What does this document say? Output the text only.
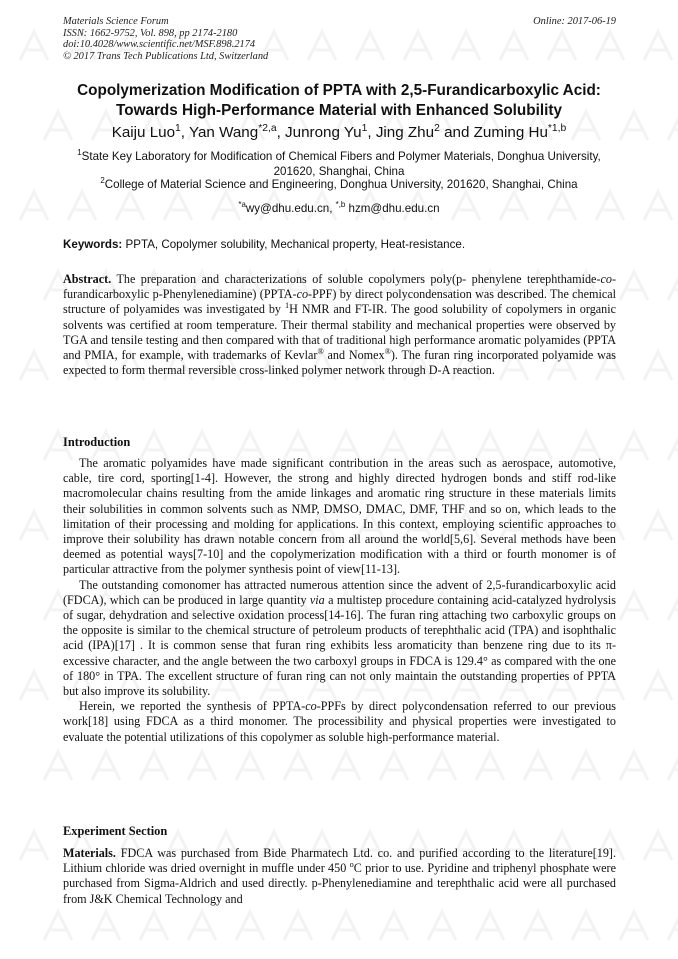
Materials Science Forum
ISSN: 1662-9752, Vol. 898, pp 2174-2180
doi:10.4028/www.scientific.net/MSF.898.2174
© 2017 Trans Tech Publications Ltd, Switzerland
Online: 2017-06-19
Copolymerization Modification of PPTA with 2,5-Furandicarboxylic Acid:
Towards High-Performance Material with Enhanced Solubility
Kaiju Luo$^1$, Yan Wang$^{*2,a}$, Junrong Yu$^1$, Jing Zhu$^2$ and Zuming Hu$^{*1,b}$
$^1$State Key Laboratory for Modification of Chemical Fibers and Polymer Materials, Donghua University, 201620, Shanghai, China
$^2$College of Material Science and Engineering, Donghua University, 201620, Shanghai, China
$^{*a}$wy@dhu.edu.cn, $^{*,b}$ hzm@dhu.edu.cn
Keywords: PPTA, Copolymer solubility, Mechanical property, Heat-resistance.
Abstract. The preparation and characterizations of soluble copolymers poly(p- phenylene terephthamide-co-furandicarboxylic p-Phenylenediamine) (PPTA-co-PPF) by direct polycondensation was described. The chemical structure of polyamides was investigated by $^1$H NMR and FT-IR. The good solubility of copolymers in organic solvents was certified at room temperature. Their thermal stability and mechanical properties were observed by TGA and tensile testing and then compared with that of traditional high performance aromatic polyamides (PPTA and PMIA, for example, with trademarks of Kevlar® and Nomex®). The furan ring incorporated polyamide was expected to form thermal reversible cross-linked polymer network through D-A reaction.
Introduction

The aromatic polyamides have made significant contribution in the areas such as aerospace, automotive, cable, tire cord, sporting[1-4]. However, the strong and highly directed hydrogen bonds and stiff rod-like macromolecular chains resulting from the amide linkages and aromatic ring structure in these materials limits their solubilities in common solvents such as NMP, DMSO, DMAC, DMF, THF and so on, which leads to the limitation of their processing and molding for applications. In this context, employing scientific approaches to improve their solubility has drawn notable concern from all around the world[5,6]. Several methods have been deemed as potential ways[7-10] and the copolymerization modification with a third or fourth monomer is of particular attractive from the polymer synthesis point of view[11-13].

The outstanding comonomer has attracted numerous attention since the advent of 2,5-furandicarboxylic acid (FDCA), which can be produced in large quantity via a multistep procedure containing acid-catalyzed hydrolysis of sugar, dehydration and selective oxidation process[14-16]. The furan ring attaching two carboxylic groups on the opposite is similar to the chemical structure of petroleum products of terephthalic acid (TPA) and isophthalic acid (IPA)[17] . It is common sense that furan ring exhibits less aromaticity than benzene ring due to its π-excessive character, and the angle between the two carboxyl groups in FDCA is 129.4° as compared with the one of 180° in TPA. The excellent structure of furan ring can not only maintain the outstanding properties of PPTA but also improve its solubility.

Herein, we reported the synthesis of PPTA-co-PPFs by direct polycondensation referred to our previous work[18] using FDCA as a third monomer. The processibility and physical properties were investigated to evaluate the potential utilizations of this copolymer as soluble high-performance material.

Experiment Section
Materials. FDCA was purchased from Bide Pharmatech Ltd. co. and purified according to the literature[19]. Lithium chloride was dried overnight in muffle under 450 $^o$C prior to use. Pyridine and triphenyl phosphate were purchased from Sigma-Aldrich and used directly. p-Phenylenediamine and terephthalic acid were all purchased from J&K Chemical Technology and
